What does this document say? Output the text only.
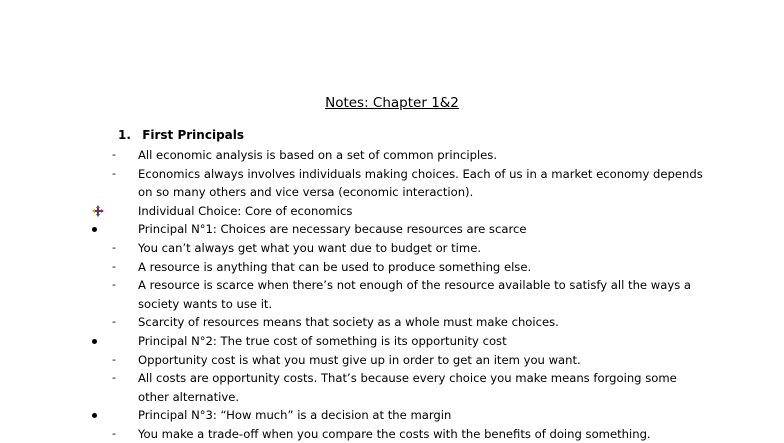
Notes: Chapter 1&2
1. First Principals
-	All economic analysis is based on a set of common principles.
-	Economics always involves individuals making choices. Each of us in a market economy depends
on so many others and vice versa (economic interaction).
Individual Choice: Core of economics
Principal N°1: Choices are necessary because resources are scarce
-	You can’t always get what you want due to budget or time.
-	A resource is anything that can be used to produce something else.
-	A resource is scarce when there’s not enough of the resource available to satisfy all the ways a
society wants to use it.
-	Scarcity of resources means that society as a whole must make choices.
Principal N°2: The true cost of something is its opportunity cost
-	Opportunity cost is what you must give up in order to get an item you want.
-	All costs are opportunity costs. That’s because every choice you make means forgoing some
other alternative.
Principal N°3: “How much” is a decision at the margin
-	You make a trade-off when you compare the costs with the benefits of doing something.
